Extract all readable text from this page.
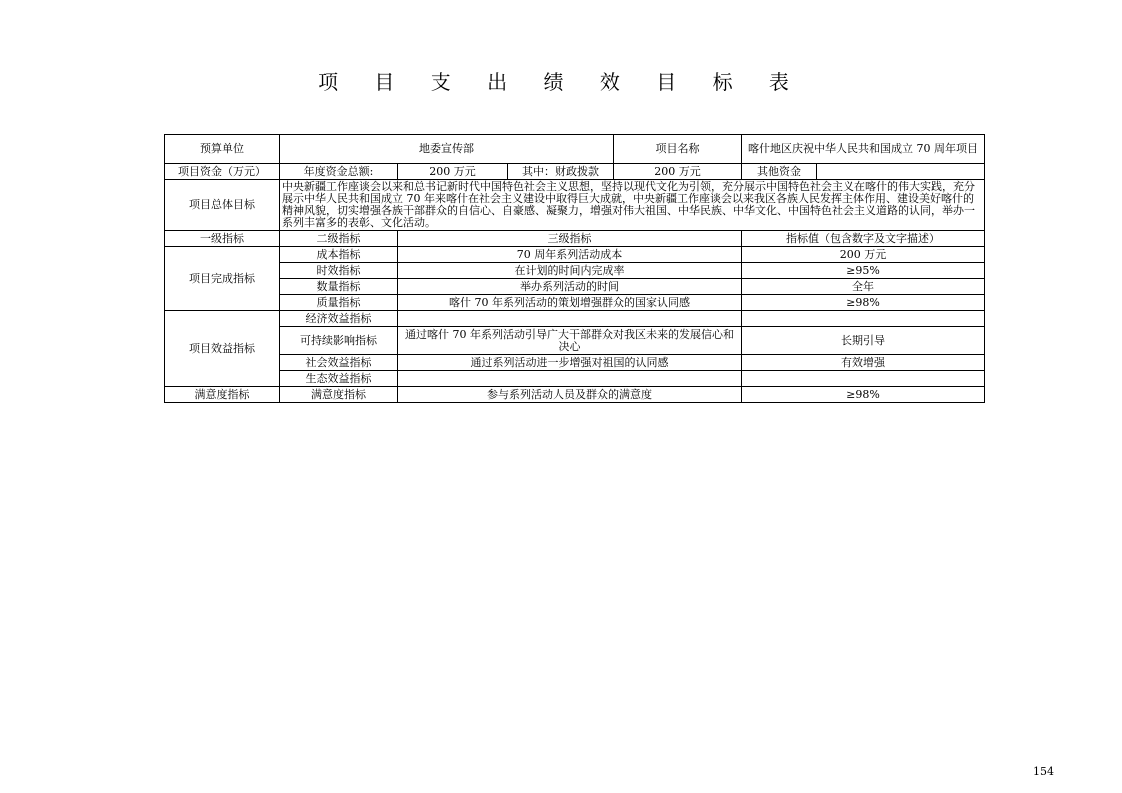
项 目 支 出 绩 效 目 标 表
预算单位	地委宣传部			项目名称	喀什地区庆祝中华人民共和国成立 70 周年项目	
项目资金（万元）	年度资金总额:	200 万元	其中：财政拨款	200 万元	其他资金	
项目总体目标	中央新疆工作座谈会以来和总书记新时代中国特色社会主义思想，坚持以现代文化为引领，充分展示中国特色社会主义在喀什的伟大实践，充分展示中华人民共和国成立 70 年来喀什在社会主义建设中取得巨大成就，中央新疆工作座谈会以来我区各族人民发挥主体作用、建设美好喀什的精神风貌，切实增强各族干部群众的自信心、自豪感、凝聚力，增强对伟大祖国、中华民族、中华文化、中国特色社会主义道路的认同，举办一系列丰富多的表彰、文化活动。					
一级指标	二级指标	三级指标			指标值（包含数字及文字描述）	
项目完成指标	成本指标	70 周年系列活动成本			200 万元	
	时效指标	在计划的时间内完成率			≥95%	
	数量指标	举办系列活动的时间			全年	
	质量指标	喀什 70 年系列活动的策划增强群众的国家认同感			≥98%	
项目效益指标	经济效益指标					
	可持续影响指标	通过喀什 70 年系列活动引导广大干部群众对我区未来的发展信心和决心			长期引导	
	社会效益指标	通过系列活动进一步增强对祖国的认同感			有效增强	
	生态效益指标					
满意度指标	满意度指标	参与系列活动人员及群众的满意度			≥98%	
154
